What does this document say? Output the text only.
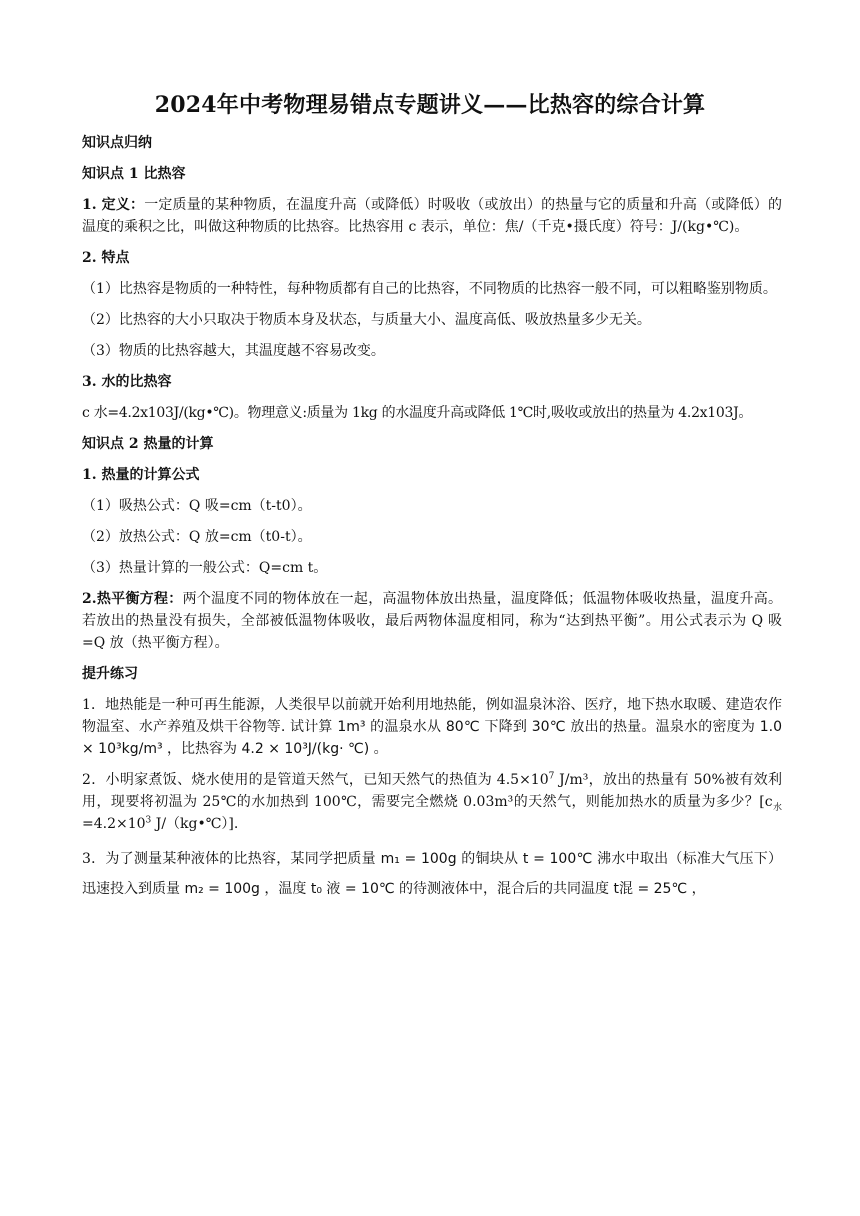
2024年中考物理易错点专题讲义——比热容的综合计算

知识点归纳

知识点 1 比热容

1. 定义：一定质量的某种物质，在温度升高（或降低）时吸收（或放出）的热量与它的质量和升高（或降低）的温度的乘积之比，叫做这种物质的比热容。比热容用 c 表示，单位：焦/（千克•摄氏度）符号：J/(kg•℃)。

2. 特点

（1）比热容是物质的一种特性，每种物质都有自己的比热容，不同物质的比热容一般不同，可以粗略鉴别物质。

（2）比热容的大小只取决于物质本身及状态，与质量大小、温度高低、吸放热量多少无关。

（3）物质的比热容越大，其温度越不容易改变。

3. 水的比热容

c 水=4.2x103J/(kg•℃)。物理意义:质量为 1kg 的水温度升高或降低 1℃时,吸收或放出的热量为 4.2x103J。

知识点 2 热量的计算

1. 热量的计算公式

（1）吸热公式：Q 吸=cm（t-t0）。

（2）放热公式：Q 放=cm（t0-t）。

（3）热量计算的一般公式：Q=cm t。

2.热平衡方程：两个温度不同的物体放在一起，高温物体放出热量，温度降低；低温物体吸收热量，温度升高。若放出的热量没有损失，全部被低温物体吸收，最后两物体温度相同，称为“达到热平衡”。用公式表示为 Q 吸=Q 放（热平衡方程）。

提升练习

1．地热能是一种可再生能源，人类很早以前就开始利用地热能，例如温泉沐浴、医疗，地下热水取暖、建造农作物温室、水产养殖及烘干谷物等. 试计算 1m³ 的温泉水从 80℃ 下降到 30℃ 放出的热量。温泉水的密度为 1.0 × 10³kg/m³ ，比热容为 4.2 × 10³J/(kg· ℃) 。

2．小明家煮饭、烧水使用的是管道天然气，已知天然气的热值为 $4.5\times 10^7$ J/m³，放出的热量有 50%被有效利用，现要将初温为 25℃的水加热到 100℃，需要完全燃烧 0.03m³的天然气，则能加热水的质量为多少？[$c_水=4.2\times 10^3$ J/（kg•℃）].

3．为了测量某种液体的比热容，某同学把质量 m₁ = 100g 的铜块从 t = 100℃ 沸水中取出（标准大气压下）迅速投入到质量 m₂ = 100g ，温度 t₀ 液 = 10℃ 的待测液体中，混合后的共同温度 t混 = 25℃ ，
